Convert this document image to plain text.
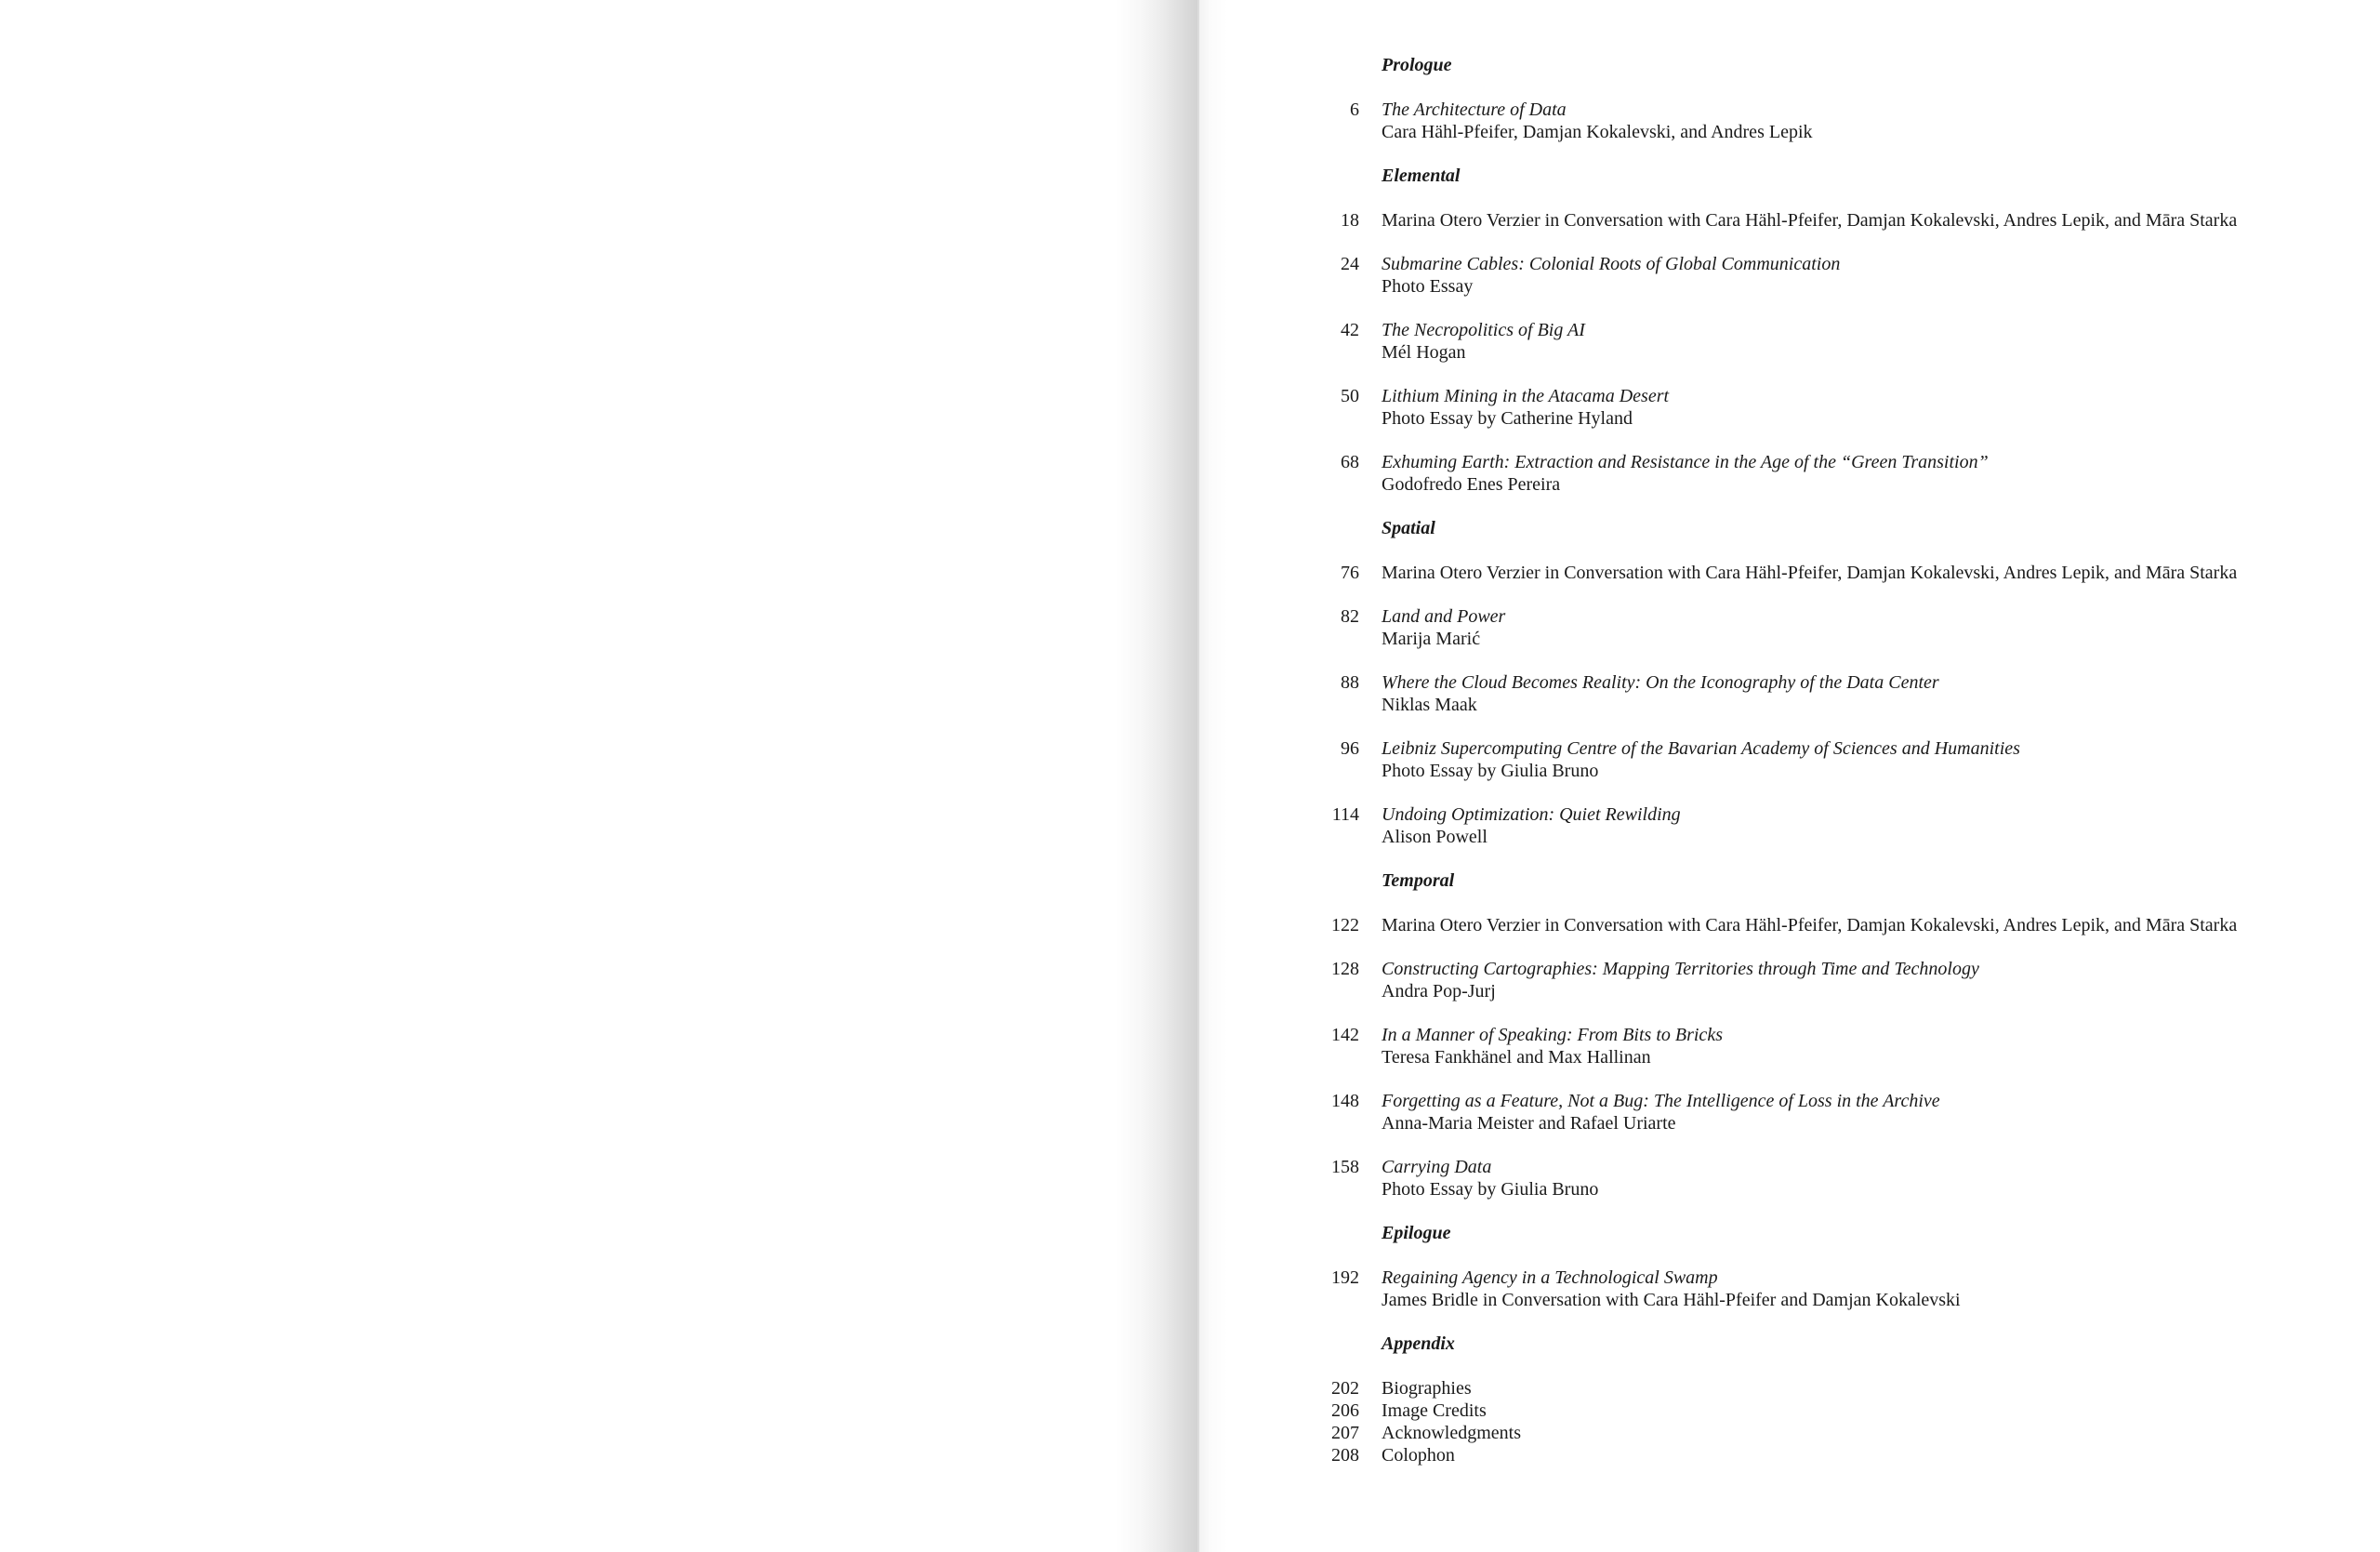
Prologue
6	The Architecture of Data
Cara Hähl-Pfeifer, Damjan Kokalevski, and Andres Lepik
Elemental
18	Marina Otero Verzier in Conversation with Cara Hähl-Pfeifer, Damjan Kokalevski, Andres Lepik, and Māra Starka
24	Submarine Cables: Colonial Roots of Global Communication
Photo Essay
42	The Necropolitics of Big AI
Mél Hogan
50	Lithium Mining in the Atacama Desert
Photo Essay by Catherine Hyland
68	Exhuming Earth: Extraction and Resistance in the Age of the “Green Transition”
Godofredo Enes Pereira
Spatial
76	Marina Otero Verzier in Conversation with Cara Hähl-Pfeifer, Damjan Kokalevski, Andres Lepik, and Māra Starka
82	Land and Power
Marija Marić
88	Where the Cloud Becomes Reality: On the Iconography of the Data Center
Niklas Maak
96	Leibniz Supercomputing Centre of the Bavarian Academy of Sciences and Humanities
Photo Essay by Giulia Bruno
114	Undoing Optimization: Quiet Rewilding
Alison Powell
Temporal
122	Marina Otero Verzier in Conversation with Cara Hähl-Pfeifer, Damjan Kokalevski, Andres Lepik, and Māra Starka
128	Constructing Cartographies: Mapping Territories through Time and Technology
Andra Pop-Jurj
142	In a Manner of Speaking: From Bits to Bricks
Teresa Fankhänel and Max Hallinan
148	Forgetting as a Feature, Not a Bug: The Intelligence of Loss in the Archive
Anna-Maria Meister and Rafael Uriarte
158	Carrying Data
Photo Essay by Giulia Bruno
Epilogue
192	Regaining Agency in a Technological Swamp
James Bridle in Conversation with Cara Hähl-Pfeifer and Damjan Kokalevski
Appendix
202	Biographies
206	Image Credits
207	Acknowledgments
208	Colophon
